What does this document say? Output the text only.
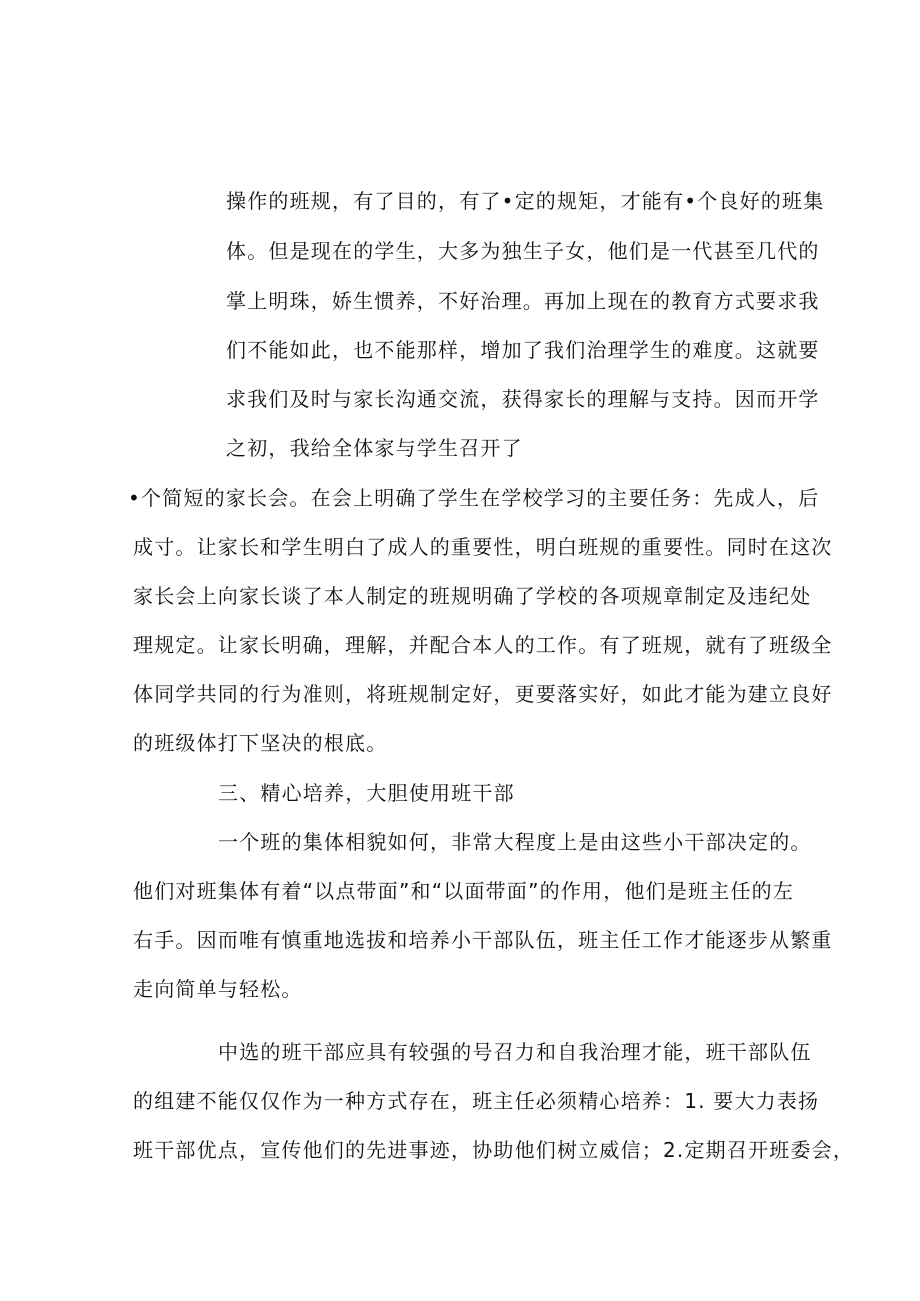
操作的班规，有了目的，有了•定的规矩，才能有•个良好的班集
体。但是现在的学生，大多为独生子女，他们是一代甚至几代的
掌上明珠，娇生惯养，不好治理。再加上现在的教育方式要求我
们不能如此，也不能那样，增加了我们治理学生的难度。这就要
求我们及时与家长沟通交流，获得家长的理解与支持。因而开学
之初，我给全体家与学生召开了
•个简短的家长会。在会上明确了学生在学校学习的主要任务：先成人，后
成寸。让家长和学生明白了成人的重要性，明白班规的重要性。同时在这次
家长会上向家长谈了本人制定的班规明确了学校的各项规章制定及违纪处
理规定。让家长明确，理解，并配合本人的工作。有了班规，就有了班级全
体同学共同的行为准则，将班规制定好，更要落实好，如此才能为建立良好
的班级体打下坚决的根底。
三、精心培养，大胆使用班干部
一个班的集体相貌如何，非常大程度上是由这些小干部决定的。
他们对班集体有着“以点带面”和“以面带面”的作用，他们是班主任的左
右手。因而唯有慎重地选拔和培养小干部队伍，班主任工作才能逐步从繁重
走向简单与轻松。
中选的班干部应具有较强的号召力和自我治理才能，班干部队伍
的组建不能仅仅作为一种方式存在，班主任必须精心培养：1. 要大力表扬
班干部优点，宣传他们的先进事迹，协助他们树立威信；2.定期召开班委会，
